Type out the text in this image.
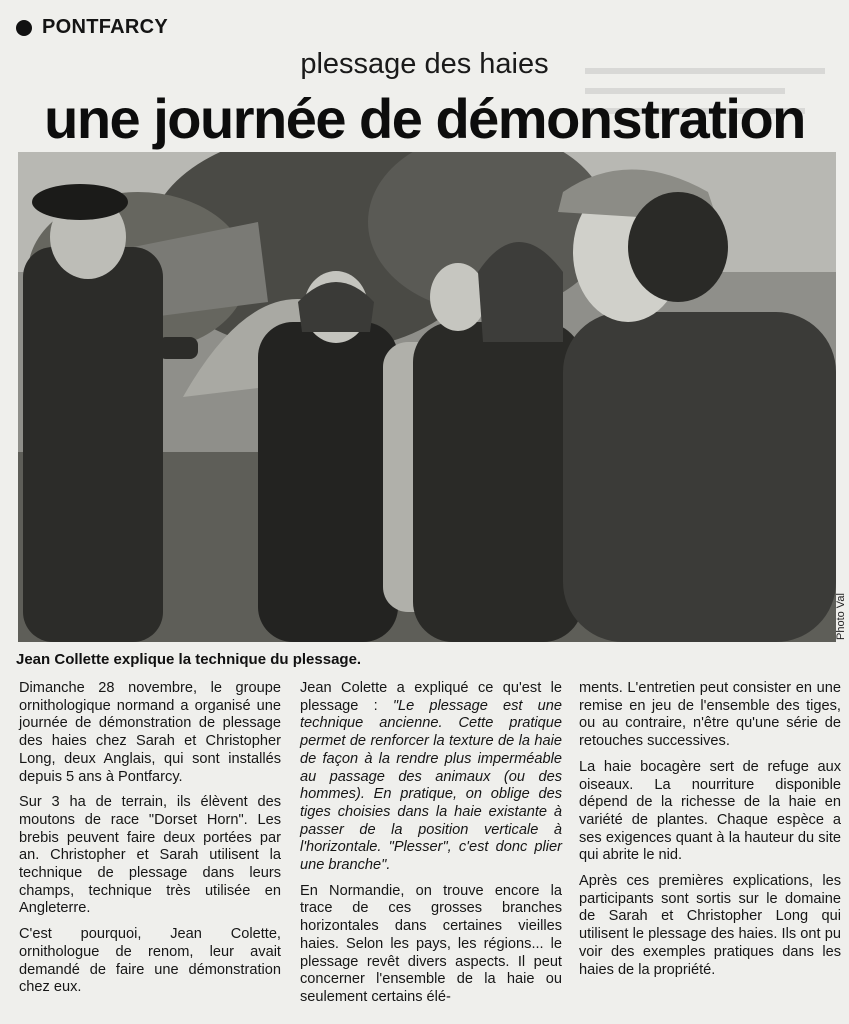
PONTFARCY
plessage des haies
une journée de démonstration
Photo Val
Jean Collette explique la technique du plessage.

Dimanche 28 novembre, le groupe ornithologique normand a organisé une journée de démonstration de plessage des haies chez Sarah et Christopher Long, deux Anglais, qui sont installés depuis 5 ans à Pontfarcy.

Sur 3 ha de terrain, ils élèvent des moutons de race "Dorset Horn". Les brebis peuvent faire deux portées par an. Christopher et Sarah utilisent la technique de plessage dans leurs champs, technique très utilisée en Angleterre.

C'est pourquoi, Jean Colette, ornithologue de renom, leur avait demandé de faire une démonstration chez eux.

Jean Colette a expliqué ce qu'est le plessage : "Le plessage est une technique ancienne. Cette pratique permet de renforcer la texture de la haie de façon à la rendre plus imperméable au passage des animaux (ou des hommes). En pratique, on oblige des tiges choisies dans la haie existante à passer de la position verticale à l'horizontale. "Plesser", c'est donc plier une branche".

En Normandie, on trouve encore la trace de ces grosses branches horizontales dans certaines vieilles haies. Selon les pays, les régions... le plessage revêt divers aspects. Il peut concerner l'ensemble de la haie ou seulement certains élé-

ments. L'entretien peut consister en une remise en jeu de l'ensemble des tiges, ou au contraire, n'être qu'une série de retouches successives.

La haie bocagère sert de refuge aux oiseaux. La nourriture disponible dépend de la richesse de la haie en variété de plantes. Chaque espèce a ses exigences quant à la hauteur du site qui abrite le nid.

Après ces premières explications, les participants sont sortis sur le domaine de Sarah et Christopher Long qui utilisent le plessage des haies. Ils ont pu voir des exemples pratiques dans les haies de la propriété.
